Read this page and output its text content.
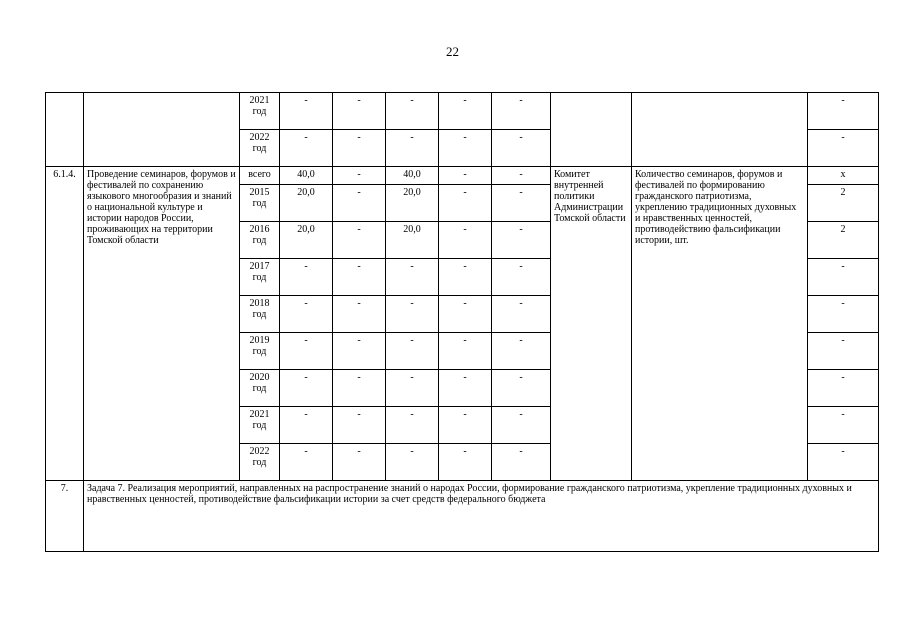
22
		2021 год	-	-	-	-	-			-
		2022 год	-	-	-	-	-			-
6.1.4.	Проведение семинаров, форумов и фестивалей по сохранению языкового многообразия и знаний о национальной культуре и истории народов России, проживающих на территории Томской области	всего	40,0	-	40,0	-	-	Комитет внутренней политики Администрации Томской области	Количество семинаров, форумов и фестивалей по формированию гражданского патриотизма, укреплению традиционных духовных и нравственных ценностей, противодействию фальсификации истории, шт.	х
		2015 год	20,0	-	20,0	-	-			2
		2016 год	20,0	-	20,0	-	-			2
		2017 год	-	-	-	-	-			-
		2018 год	-	-	-	-	-			-
		2019 год	-	-	-	-	-			-
		2020 год	-	-	-	-	-			-
		2021 год	-	-	-	-	-			-
		2022 год	-	-	-	-	-			-
7.	Задача 7. Реализация мероприятий, направленных на распространение знаний о народах России, формирование гражданского патриотизма, укрепление традиционных духовных и нравственных ценностей, противодействие фальсификации истории за счет средств федерального бюджета									
